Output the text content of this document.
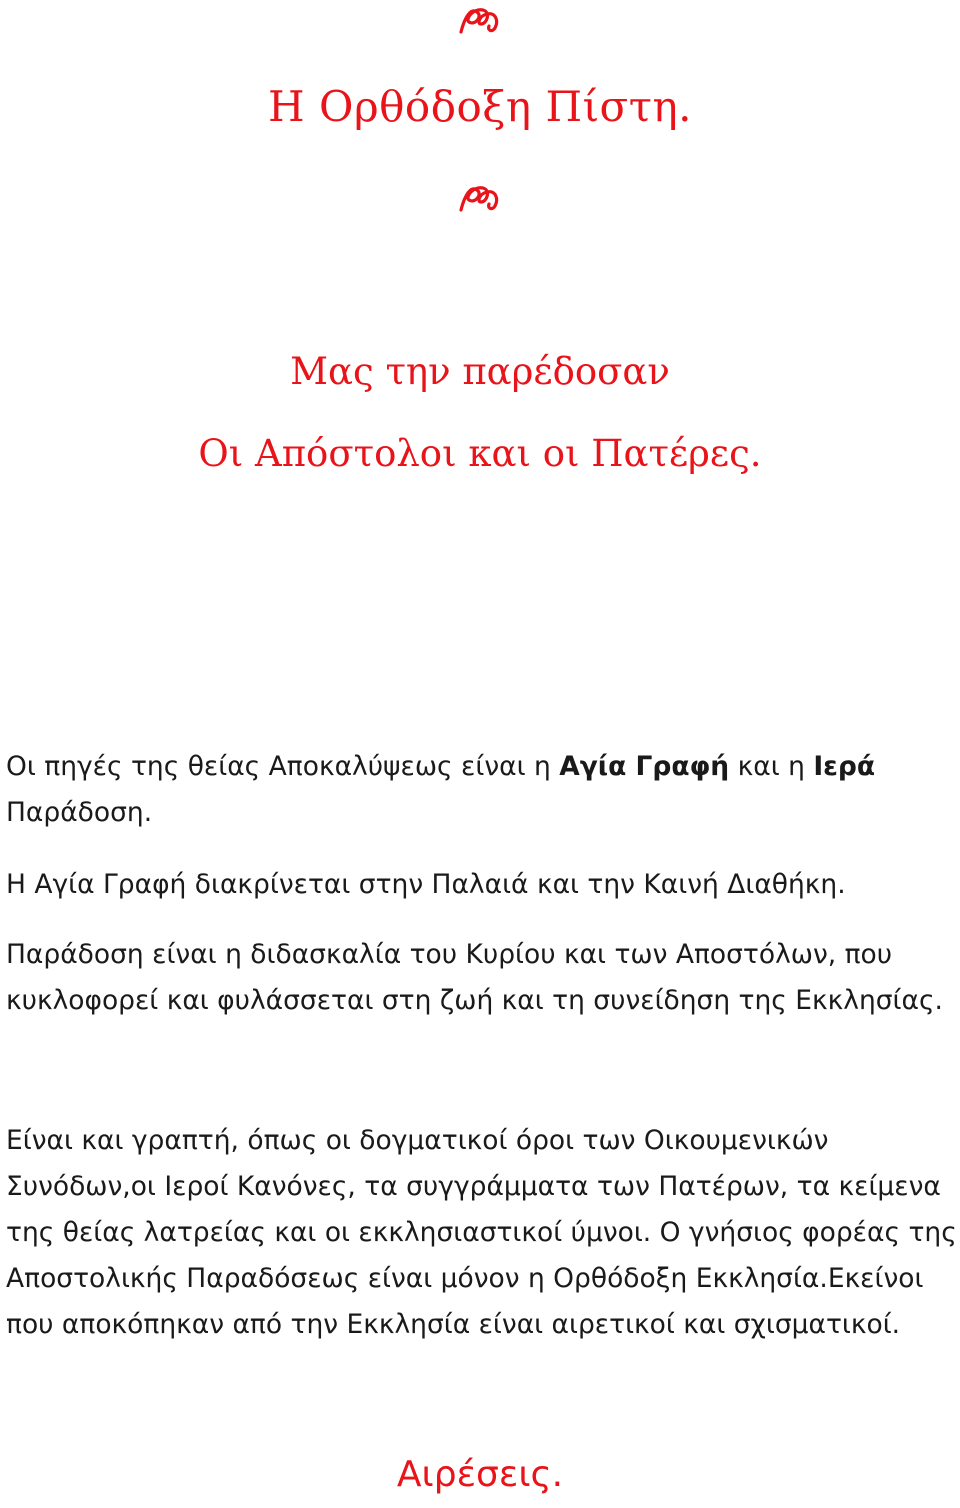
Η Ορθόδοξη Πίστη.
Μας την παρέδοσαν
Οι Απόστολοι και οι Πατέρες.
Οι πηγές της θείας Αποκαλύψεως είναι η Αγία Γραφή και η Ιερά Παράδοση.
Η Αγία Γραφή διακρίνεται στην Παλαιά και την Καινή Διαθήκη.
Παράδοση είναι η διδασκαλία του Κυρίου και των Αποστόλων, που κυκλοφορεί και φυλάσσεται στη ζωή και τη συνείδηση της Εκκλησίας.
Είναι και γραπτή, όπως οι δογματικοί όροι των Οικουμενικών Συνόδων,οι Ιεροί Κανόνες, τα συγγράμματα των Πατέρων, τα κείμενα της θείας λατρείας και οι εκκλησιαστικοί ύμνοι. Ο γνήσιος φορέας της Αποστολικής Παραδόσεως είναι μόνον η Ορθόδοξη Εκκλησία.Εκείνοι που αποκόπηκαν από την Εκκλησία είναι αιρετικοί και σχισματικοί.
Αιρέσεις.
